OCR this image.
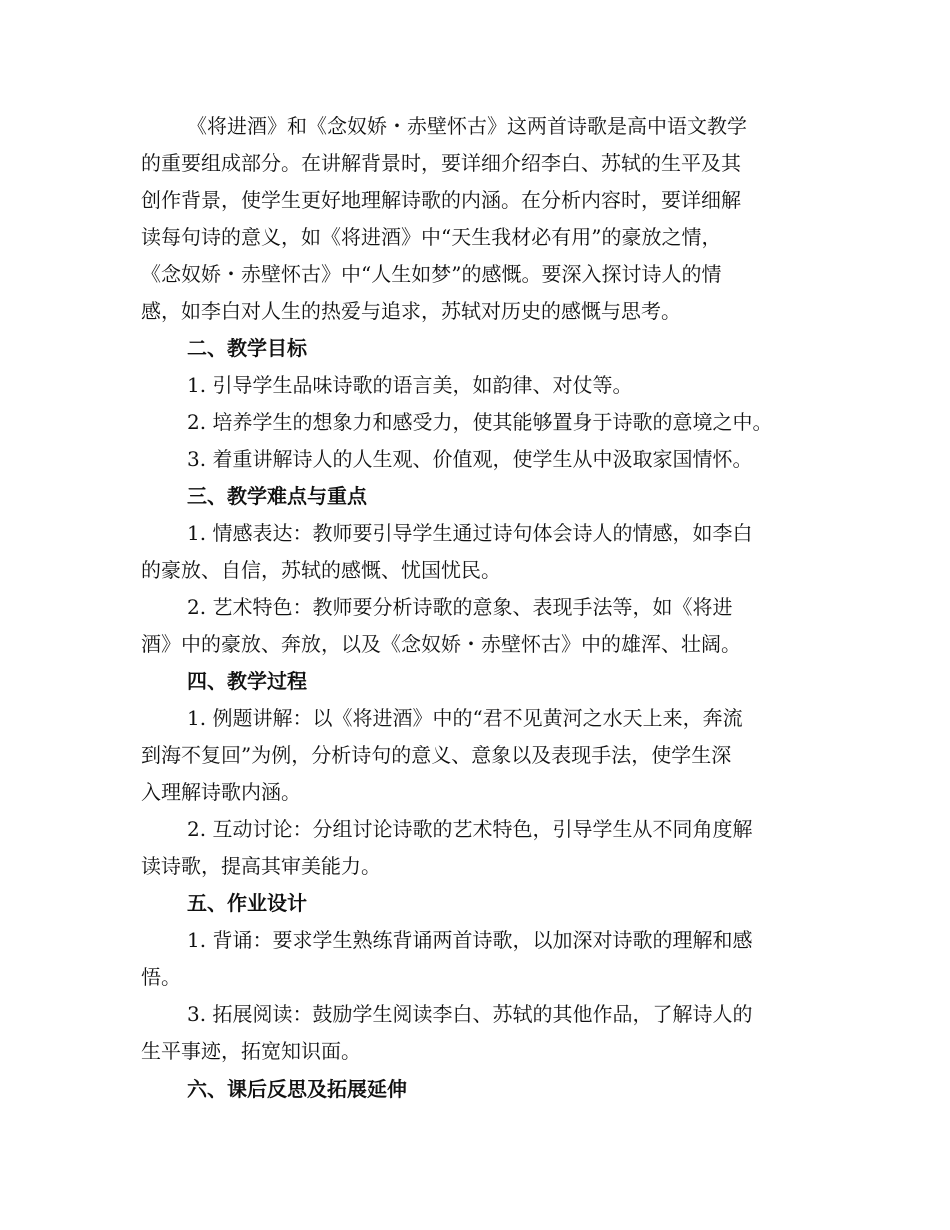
《将进酒》和《念奴娇・赤壁怀古》这两首诗歌是高中语文教学
的重要组成部分。在讲解背景时，要详细介绍李白、苏轼的生平及其
创作背景，使学生更好地理解诗歌的内涵。在分析内容时，要详细解
读每句诗的意义，如《将进酒》中“天生我材必有用”的豪放之情，
《念奴娇・赤壁怀古》中“人生如梦”的感慨。要深入探讨诗人的情
感，如李白对人生的热爱与追求，苏轼对历史的感慨与思考。
二、教学目标
1. 引导学生品味诗歌的语言美，如韵律、对仗等。
2. 培养学生的想象力和感受力，使其能够置身于诗歌的意境之中。
3. 着重讲解诗人的人生观、价值观，使学生从中汲取家国情怀。
三、教学难点与重点
1. 情感表达：教师要引导学生通过诗句体会诗人的情感，如李白
的豪放、自信，苏轼的感慨、忧国忧民。
2. 艺术特色：教师要分析诗歌的意象、表现手法等，如《将进
酒》中的豪放、奔放，以及《念奴娇・赤壁怀古》中的雄浑、壮阔。
四、教学过程
1. 例题讲解：以《将进酒》中的“君不见黄河之水天上来，奔流
到海不复回”为例，分析诗句的意义、意象以及表现手法，使学生深
入理解诗歌内涵。
2. 互动讨论：分组讨论诗歌的艺术特色，引导学生从不同角度解
读诗歌，提高其审美能力。
五、作业设计
1. 背诵：要求学生熟练背诵两首诗歌，以加深对诗歌的理解和感
悟。
3. 拓展阅读：鼓励学生阅读李白、苏轼的其他作品，了解诗人的
生平事迹，拓宽知识面。
六、课后反思及拓展延伸
